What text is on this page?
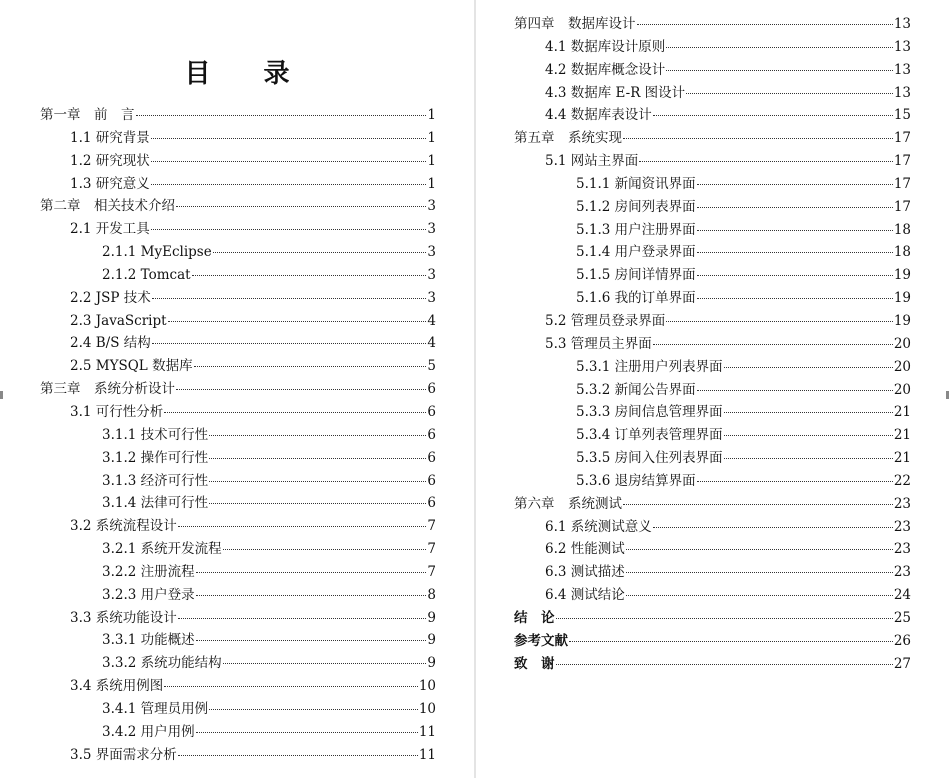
目 录
第一章　前　言	1
1.1 研究背景	1
1.2 研究现状	1
1.3 研究意义	1
第二章　相关技术介绍	3
2.1 开发工具	3
2.1.1 MyEclipse	3
2.1.2 Tomcat	3
2.2 JSP 技术	3
2.3 JavaScript	4
2.4 B/S 结构	4
2.5 MYSQL 数据库	5
第三章　系统分析设计	6
3.1 可行性分析	6
3.1.1 技术可行性	6
3.1.2 操作可行性	6
3.1.3 经济可行性	6
3.1.4 法律可行性	6
3.2 系统流程设计	7
3.2.1 系统开发流程	7
3.2.2 注册流程	7
3.2.3 用户登录	8
3.3 系统功能设计	9
3.3.1 功能概述	9
3.3.2 系统功能结构	9
3.4 系统用例图	10
3.4.1 管理员用例	10
3.4.2 用户用例	11
3.5 界面需求分析	11
第四章　数据库设计	13
4.1 数据库设计原则	13
4.2 数据库概念设计	13
4.3 数据库 E-R 图设计	13
4.4 数据库表设计	15
第五章　系统实现	17
5.1 网站主界面	17
5.1.1 新闻资讯界面	17
5.1.2 房间列表界面	17
5.1.3 用户注册界面	18
5.1.4 用户登录界面	18
5.1.5 房间详情界面	19
5.1.6 我的订单界面	19
5.2 管理员登录界面	19
5.3 管理员主界面	20
5.3.1 注册用户列表界面	20
5.3.2 新闻公告界面	20
5.3.3 房间信息管理界面	21
5.3.4 订单列表管理界面	21
5.3.5 房间入住列表界面	21
5.3.6 退房结算界面	22
第六章　系统测试	23
6.1 系统测试意义	23
6.2 性能测试	23
6.3 测试描述	23
6.4 测试结论	24
结　论	25
参考文献	26
致　谢	27
